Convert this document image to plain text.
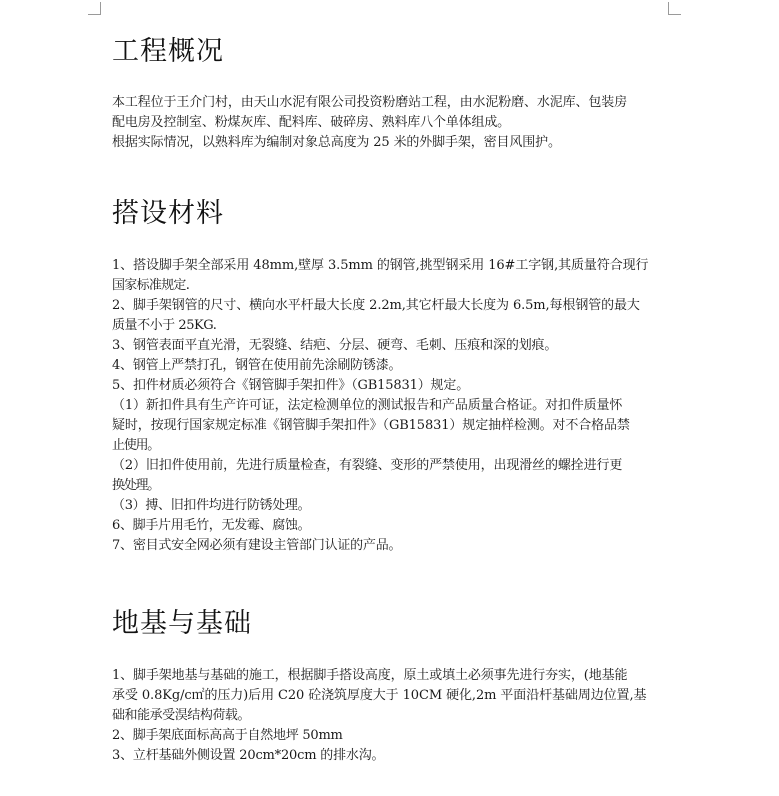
工程概况
本工程位于王介门村，由天山水泥有限公司投资粉磨站工程，由水泥粉磨、水泥库、包装房
配电房及控制室、粉煤灰库、配料库、破碎房、熟料库八个单体组成。
根据实际情况，以熟料库为编制对象总高度为 25 米的外脚手架，密目风围护。
搭设材料
1、搭设脚手架全部采用 48mm,壁厚 3.5mm 的钢管,挑型钢采用 16#工字钢,其质量符合现行
国家标准规定.
2、脚手架钢管的尺寸、横向水平杆最大长度 2.2m,其它杆最大长度为 6.5m,每根钢管的最大
质量不小于 25KG.
3、钢管表面平直光滑，无裂缝、结疤、分层、硬弯、毛刺、压痕和深的划痕。
4、钢管上严禁打孔，钢管在使用前先涂刷防锈漆。
5、扣件材质必须符合《钢管脚手架扣件》（GB15831）规定。
（1）新扣件具有生产许可证，法定检测单位的测试报告和产品质量合格证。对扣件质量怀
疑时，按现行国家规定标准《钢管脚手架扣件》（GB15831）规定抽样检测。对不合格品禁
止使用。
（2）旧扣件使用前，先进行质量检查，有裂缝、变形的严禁使用，出现滑丝的螺拴进行更
换处理。
（3）搏、旧扣件均进行防锈处理。
6、脚手片用毛竹，无发霉、腐蚀。
7、密目式安全网必须有建设主管部门认证的产品。
地基与基础
1、脚手架地基与基础的施工，根据脚手搭设高度，原土或填土必须事先进行夯实，(地基能
承受 0.8Kg/c㎡的压力)后用 C20 砼浇筑厚度大于 10CM 硬化,2m 平面沿杆基础周边位置,基
础和能承受淏结构荷载。
2、脚手架底面标高高于自然地坪 50mm
3、立杆基础外侧设置 20cm*20cm 的排水沟。
